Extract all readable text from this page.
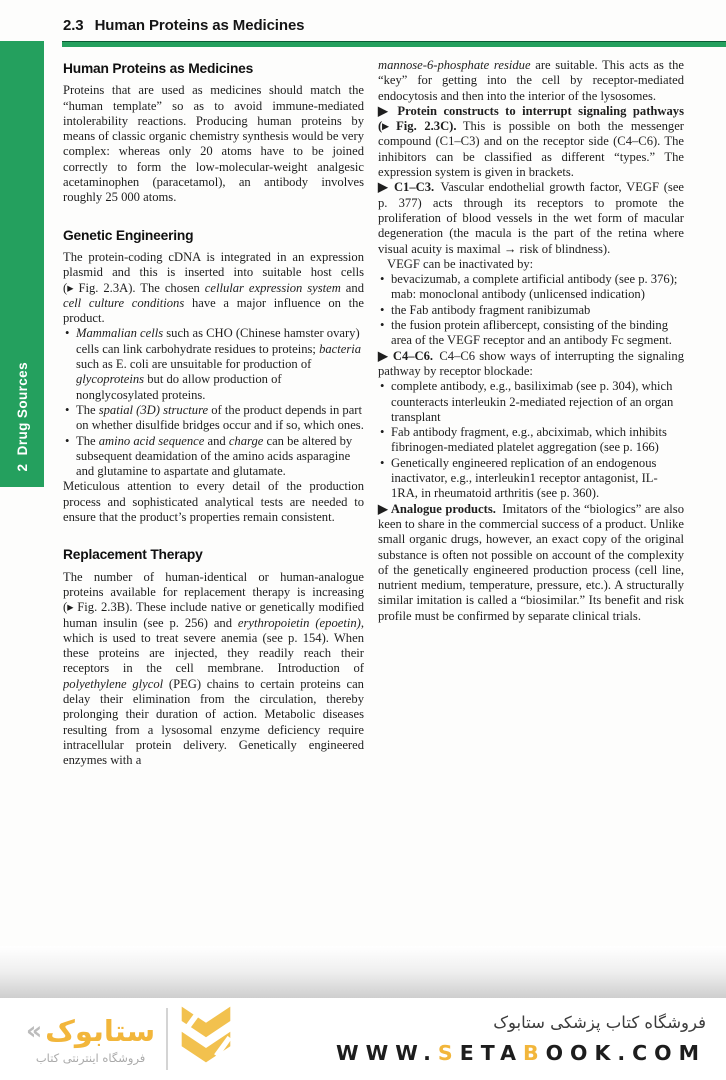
2.3 Human Proteins as Medicines
2  Drug Sources
Human Proteins as Medicines

Proteins that are used as medicines should match the “human template” so as to avoid immune-mediated intolerability reactions. Producing human proteins by means of classic organic chemistry synthesis would be very complex: whereas only 20 atoms have to be joined correctly to form the low-molecular-weight analgesic acetaminophen (paracetamol), an antibody involves roughly 25 000 atoms.

Genetic Engineering

The protein-coding cDNA is integrated in an expression plasmid and this is inserted into suitable host cells (▸ Fig. 2.3A). The chosen cellular expression system and cell culture conditions have a major influence on the product.

• Mammalian cells such as CHO (Chinese hamster ovary) cells can link carbohydrate residues to proteins; bacteria such as E. coli are unsuitable for production of glycoproteins but do allow production of nonglycosylated proteins.
• The spatial (3D) structure of the product depends in part on whether disulfide bridges occur and if so, which ones.
• The amino acid sequence and charge can be altered by subsequent deamidation of the amino acids asparagine and glutamine to aspartate and glutamate.

Meticulous attention to every detail of the production process and sophisticated analytical tests are needed to ensure that the product’s properties remain consistent.

Replacement Therapy

The number of human-identical or human-analogue proteins available for replacement therapy is increasing (▸ Fig. 2.3B). These include native or genetically modified human insulin (see p. 256) and erythropoietin (epoetin), which is used to treat severe anemia (see p. 154). When these proteins are injected, they readily reach their receptors in the cell membrane. Introduction of polyethylene glycol (PEG) chains to certain proteins can delay their elimination from the circulation, thereby prolonging their duration of action. Metabolic diseases resulting from a lysosomal enzyme deficiency require intracellular protein delivery. Genetically engineered enzymes with a

mannose-6-phosphate residue are suitable. This acts as the “key” for getting into the cell by receptor-mediated endocytosis and then into the interior of the lysosomes.

▶ Protein constructs to interrupt signaling pathways (▸ Fig. 2.3C). This is possible on both the messenger compound (C1–C3) and on the receptor side (C4–C6). The inhibitors can be classified as different “types.” The expression system is given in brackets.

▶ C1–C3. Vascular endothelial growth factor, VEGF (see p. 377) acts through its receptors to promote the proliferation of blood vessels in the wet form of macular degeneration (the macula is the part of the retina where visual acuity is maximal → risk of blindness).

VEGF can be inactivated by:

• bevacizumab, a complete artificial antibody (see p. 376); mab: monoclonal antibody (unlicensed indication)
• the Fab antibody fragment ranibizumab
• the fusion protein aflibercept, consisting of the binding area of the VEGF receptor and an antibody Fc segment.

▶ C4–C6. C4–C6 show ways of interrupting the signaling pathway by receptor blockade:

• complete antibody, e.g., basiliximab (see p. 304), which counteracts interleukin 2-mediated rejection of an organ transplant
• Fab antibody fragment, e.g., abciximab, which inhibits fibrinogen-mediated platelet aggregation (see p. 166)
• Genetically engineered replication of an endogenous inactivator, e.g., interleukin1 receptor antagonist, IL-1RA, in rheumatoid arthritis (see p. 360).

▶ Analogue products. Imitators of the “biologics” are also keen to share in the commercial success of a product. Unlike small organic drugs, however, an exact copy of the original substance is often not possible on account of the complexity of the genetically engineered production process (cell line, nutrient medium, temperature, pressure, etc.). A structurally similar imitation is called a “biosimilar.” Its benefit and risk profile must be confirmed by separate clinical trials.

« ستابوک
فروشگاه اینترنتی کتاب
فروشگاه کتاب پزشکی ستابوک
WWW.SETABOOK.COM
